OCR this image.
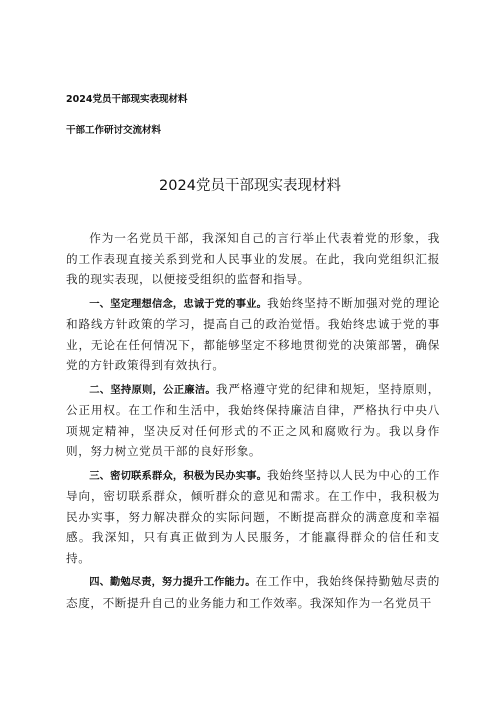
2024党员干部现实表现材料
干部工作研讨交流材料
2024党员干部现实表现材料

作为一名党员干部，我深知自己的言行举止代表着党的形象，我的工作表现直接关系到党和人民事业的发展。在此，我向党组织汇报我的现实表现，以便接受组织的监督和指导。

一、坚定理想信念，忠诚于党的事业。我始终坚持不断加强对党的理论和路线方针政策的学习，提高自己的政治觉悟。我始终忠诚于党的事业，无论在任何情况下，都能够坚定不移地贯彻党的决策部署，确保党的方针政策得到有效执行。

二、坚持原则，公正廉洁。我严格遵守党的纪律和规矩，坚持原则，公正用权。在工作和生活中，我始终保持廉洁自律，严格执行中央八项规定精神，坚决反对任何形式的不正之风和腐败行为。我以身作则，努力树立党员干部的良好形象。

三、密切联系群众，积极为民办实事。我始终坚持以人民为中心的工作导向，密切联系群众，倾听群众的意见和需求。在工作中，我积极为民办实事，努力解决群众的实际问题，不断提高群众的满意度和幸福感。我深知，只有真正做到为人民服务，才能赢得群众的信任和支持。

四、勤勉尽责，努力提升工作能力。在工作中，我始终保持勤勉尽责的态度，不断提升自己的业务能力和工作效率。我深知作为一名党员干
